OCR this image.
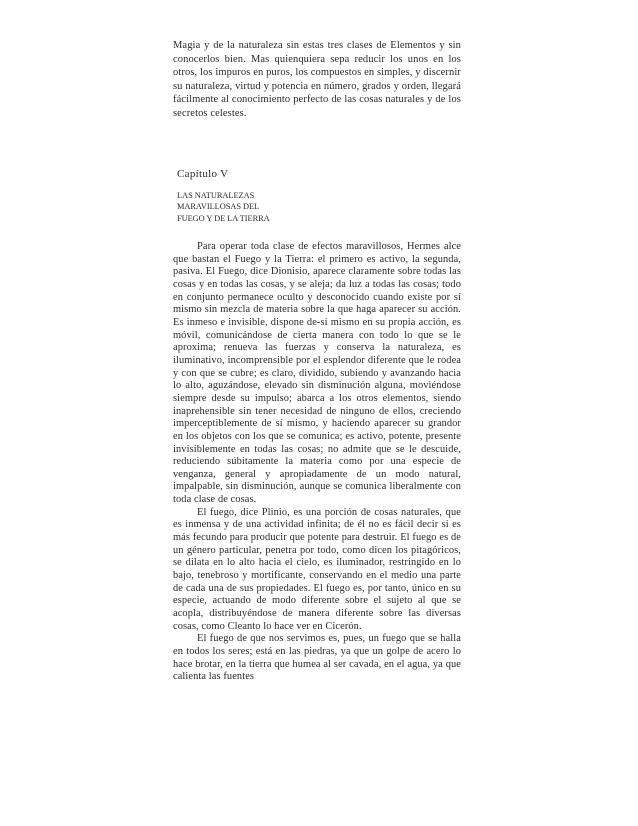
Magia y de la naturaleza sin estas tres clases de Elementos y sin conocerlos bien. Mas quienquiera sepa reducir los unos en los otros, los impuros en puros, los compuestos en simples, y discernir su naturaleza, virtud y potencia en número, grados y orden, llegará fácilmente al conocimiento perfecto de las cosas naturales y de los secretos celestes.

Capítulo V
LAS NATURALEZAS
MARAVILLOSAS DEL
FUEGO Y DE LA TIERRA

Para operar toda clase de efectos maravillosos, Hermes alce que bastan el Fuego y la Tierra: el primero es activo, la segunda, pasiva. El Fuego, dice Dionisio, aparece claramente sobre todas las cosas y en todas las cosas, y se aleja; da luz a todas las cosas; todo en conjunto permanece oculto y desconocido cuando existe por sí mismo sin mezcla de materia sobre la que haga aparecer su acción. Es inmeso e invisible, dispone de-sí mismo en su propia acción, es móvil, comunicándose de cierta manera con todo lo que se le aproxima; renueva las fuerzas y conserva la naturaleza, es iluminativo, incomprensible por el esplendor diferente que le rodea y con que se cubre; es claro, dividido, subiendo y avanzando hacia lo alto, aguzándose, elevado sin disminución alguna, moviéndose siempre desde su impulso; abarca a los otros elementos, siendo inaprehensible sin tener necesidad de ninguno de ellos, creciendo imperceptiblemente de sí mismo, y haciendo aparecer su grandor en los objetos con los que se comunica; es activo, potente, presente invisiblemente en todas las cosas; no admite que se le descuide, reduciendo súbitamente la materia como por una especie de venganza, general y apropiadamente de un modo natural, impalpable, sin disminución, aunque se comunica liberalmente con toda clase de cosas.

El fuego, dice Plinio, es una porción de cosas naturales, que es inmensa y de una actividad infinita; de él no es fácil decir si es más fecundo para producir que potente para destruir. El fuego es de un género particular, penetra por todo, como dicen los pitagóricos, se dilata en lo alto hacia el cielo, es iluminador, restringido en lo bajo, tenebroso y mortificante, conservando en el medio una parte de cada una de sus propiedades. El fuego es, por tanto, único en su especie, actuando de modo diferente sobre el sujeto al que se acopla, distribuyéndose de manera diferente sobre las diversas cosas, como Cleanto lo hace ver en Cicerón.

El fuego de que nos servimos es, pues, un fuego que se halla en todos los seres; está en las piedras, ya que un golpe de acero lo hace brotar, en la tierra que humea al ser cavada, en el agua, ya que calienta las fuentes
